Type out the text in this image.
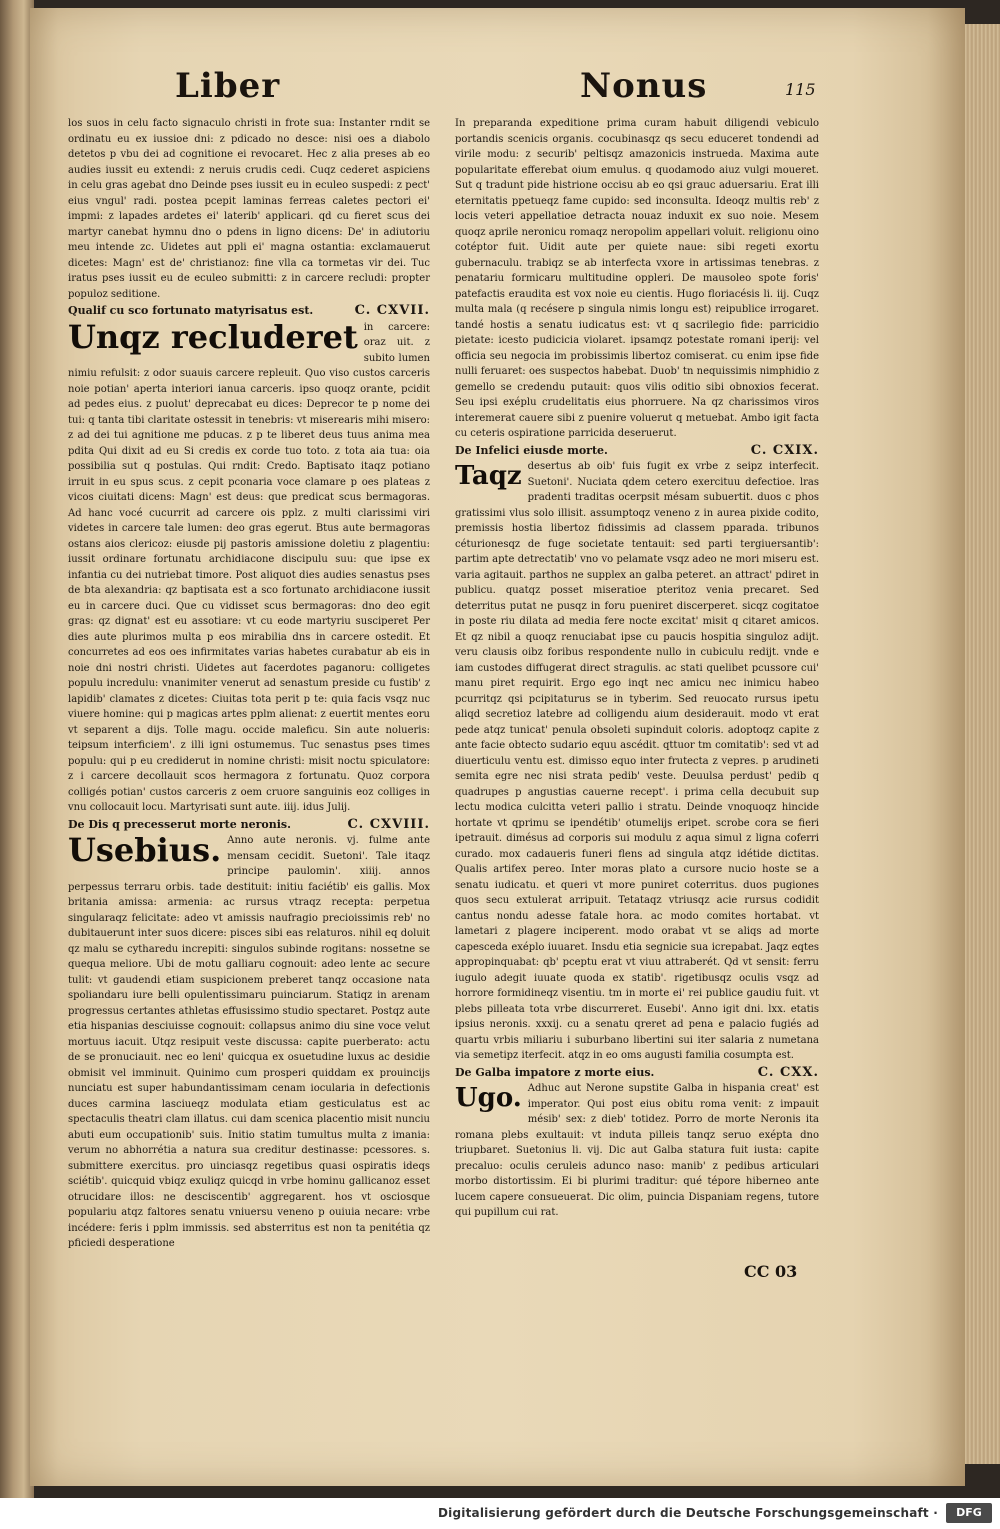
Liber	Nonus	115

los suos in celu facto signaculo christi in frote sua: Instanter rndit se ordinatu eu ex iussioe dni: z pdicado no desce: nisi oes a diabolo detetos p vbu dei ad cognitione ei revocaret. Hec z alia preses ab eo audies iussit eu extendi: z neruis crudis cedi. Cuqz cederet aspiciens in celu gras agebat dno Deinde pses iussit eu in eculeo suspedi: z pect' eius vngul' radi. postea pcepit laminas ferreas caletes pectori ei' impmi: z lapades ardetes ei' laterib' applicari. qd cu fieret scus dei martyr canebat hymnu dno o pdens in ligno dicens: De' in adiutoriu meu intende zc. Uidetes aut ppli ei' magna ostantia: exclamauerut dicetes: Magn' est de' christianoz: fine vlla ca tormetas vir dei. Tuc iratus pses iussit eu de eculeo submitti: z in carcere recludi: propter populoz seditione.

Qualif cu sco fortunato matyrisatus est.	C. CXVII.
Unqz recluderet in carcere: oraz uit. z subito lumen nimiu refulsit: z odor suauis carcere repleuit. Quo viso custos carceris noie potian' aperta interiori ianua carceris. ipso quoqz orante, pcidit ad pedes eius. z puolut' deprecabat eu dices: Deprecor te p nome dei tui: q tanta tibi claritate ostessit in tenebris: vt miserearis mihi misero: z ad dei tui agnitione me pducas. z p te liberet deus tuus anima mea pdita Qui dixit ad eu Si credis ex corde tuo toto. z tota aia tua: oia possibilia sut q postulas. Qui rndit: Credo. Baptisato itaqz potiano irruit in eu spus scus. z cepit pconaria voce clamare p oes plateas z vicos ciuitati dicens: Magn' est deus: que predicat scus bermagoras. Ad hanc vocé cucurrit ad carcere ois pplz. z multi clarissimi viri videtes in carcere tale lumen: deo gras egerut. Btus aute bermagoras ostans aios clericoz: eiusde pij pastoris amissione doletiu z plagentiu: iussit ordinare fortunatu archidiacone discipulu suu: que ipse ex infantia cu dei nutriebat timore. Post aliquot dies audies senastus pses de bta alexandria: qz baptisata est a sco fortunato archidiacone iussit eu in carcere duci. Que cu vidisset scus bermagoras: dno deo egit gras: qz dignat' est eu assotiare: vt cu eode martyriu susciperet Per dies aute plurimos multa p eos mirabilia dns in carcere ostedit. Et concurretes ad eos oes infirmitates varias habetes curabatur ab eis in noie dni nostri christi. Uidetes aut facerdotes paganoru: colligetes populu incredulu: vnanimiter venerut ad senastum preside cu fustib' z lapidib' clamates z dicetes: Ciuitas tota perit p te: quia facis vsqz nuc viuere homine: qui p magicas artes pplm alienat: z euertit mentes eoru vt separent a dijs. Tolle magu. occide maleficu. Sin aute nolueris: teipsum interficiem'. z illi igni ostumemus. Tuc senastus pses times populu: qui p eu crediderut in nomine christi: misit noctu spiculatore: z i carcere decollauit scos hermagora z fortunatu. Quoz corpora colligés potian' custos carceris z oem cruore sanguinis eoz colliges in vnu collocauit locu. Martyrisati sunt aute. iiij. idus Julij.

De Dis q precesserut morte neronis.	C. CXVIII.
Usebius. Anno aute neronis. vj. fulme ante mensam cecidit. Suetoni'. Tale itaqz principe paulomin'. xiiij. annos perpessus terraru orbis. tade destituit: initiu faciétib' eis gallis. Mox britania amissa: armenia: ac rursus vtraqz recepta: perpetua singularaqz felicitate: adeo vt amissis naufragio precioissimis reb' no dubitauerunt inter suos dicere: pisces sibi eas relaturos. nihil eq doluit qz malu se cytharedu increpiti: singulos subinde rogitans: nossetne se quequa meliore. Ubi de motu galliaru cognouit: adeo lente ac secure tulit: vt gaudendi etiam suspicionem preberet tanqz occasione nata spoliandaru iure belli opulentissimaru puinciarum. Statiqz in arenam progressus certantes athletas effusissimo studio spectaret. Postqz aute etia hispanias desciuisse cognouit: collapsus animo diu sine voce velut mortuus iacuit. Utqz resipuit veste discussa: capite puerberato: actu de se pronuciauit. nec eo leni' quicqua ex osuetudine luxus ac desidie obmisit vel imminuit. Quinimo cum prosperi quiddam ex prouincijs nunciatu est super habundantissimam cenam iocularia in defectionis duces carmina lasciueqz modulata etiam gesticulatus est ac spectaculis theatri clam illatus. cui dam scenica placentio misit nunciu abuti eum occupationib' suis. Initio statim tumultus multa z imania: verum no abhorrétia a natura sua creditur destinasse: pcessores. s. submittere exercitus. pro uinciasqz regetibus quasi ospiratis ideqs sciétib'. quicquid vbiqz exuliqz quicqd in vrbe hominu gallicanoz esset otrucidare illos: ne desciscentib' aggregarent. hos vt osciosque populariu atqz faltores senatu vniuersu veneno p ouiuia necare: vrbe incédere: feris i pplm immissis. sed absterritus est non ta penitétia qz pficiedi desperatione

In preparanda expeditione prima curam habuit diligendi vebiculo portandis scenicis organis. cocubinasqz qs secu educeret tondendi ad virile modu: z securib' peltisqz amazonicis instrueda. Maxima aute popularitate efferebat oium emulus. q quodamodo aiuz vulgi moueret. Sut q tradunt pide histrione occisu ab eo qsi grauc aduersariu. Erat illi eternitatis ppetueqz fame cupido: sed inconsulta. Ideoqz multis reb' z locis veteri appellatioe detracta nouaz induxit ex suo noie. Mesem quoqz aprile neronicu romaqz neropolim appellari voluit. religionu oino cotéptor fuit. Uidit aute per quiete naue: sibi regeti exortu gubernaculu. trabiqz se ab interfecta vxore in artissimas tenebras. z penatariu formicaru multitudine oppleri. De mausoleo spote foris' patefactis eraudita est vox noie eu cientis. Hugo floriacésis li. iij. Cuqz multa mala (q recésere p singula nimis longu est) reipublice irrogaret. tandé hostis a senatu iudicatus est: vt q sacrilegio fide: parricidio pietate: icesto pudicicia violaret. ipsamqz potestate romani iperij: vel officia seu negocia im probissimis libertoz comiserat. cu enim ipse fide nulli feruaret: oes suspectos habebat. Duob' tn nequissimis nimphidio z gemello se credendu putauit: quos vilis oditio sibi obnoxios fecerat. Seu ipsi exéplu crudelitatis eius phorruere. Na qz charissimos viros interemerat cauere sibi z puenire voluerut q metuebat. Ambo igit facta cu ceteris ospiratione parricida deseruerut.

De Infelici eiusde morte.	C. CXIX.
Taqz desertus ab oib' fuis fugit ex vrbe z seipz interfecit. Suetoni'. Nuciata qdem cetero exercituu defectioe. lras pradenti traditas ocerpsit mésam subuertit. duos c phos gratissimi vlus solo illisit. assumptoqz veneno z in aurea pixide codito, premissis hostia libertoz fidissimis ad classem pparada. tribunos céturionesqz de fuge societate tentauit: sed parti tergiuersantib': partim apte detrectatib' vno vo pelamate vsqz adeo ne mori miseru est. varia agitauit. parthos ne supplex an galba peteret. an attract' pdiret in publicu. quatqz posset miseratioe pteritoz venia precaret. Sed deterritus putat ne pusqz in foru pueniret discerperet. sicqz cogitatoe in poste riu dilata ad media fere nocte excitat' misit q citaret amicos. Et qz nibil a quoqz renuciabat ipse cu paucis hospitia singuloz adijt. veru clausis oibz foribus respondente nullo in cubiculu redijt. vnde e iam custodes diffugerat direct stragulis. ac stati quelibet pcussore cui' manu piret requirit. Ergo ego inqt nec amicu nec inimicu habeo pcurritqz qsi pcipitaturus se in tyberim. Sed reuocato rursus ipetu aliqd secretioz latebre ad colligendu aium desiderauit. modo vt erat pede atqz tunicat' penula obsoleti supinduit coloris. adoptoqz capite z ante facie obtecto sudario equu ascédit. qttuor tm comitatib': sed vt ad diuerticulu ventu est. dimisso equo inter frutecta z vepres. p arudineti semita egre nec nisi strata pedib' veste. Deuulsa perdust' pedib q quadrupes p angustias cauerne recept'. i prima cella decubuit sup lectu modica culcitta veteri pallio i stratu. Deinde vnoquoqz hincide hortate vt qprimu se ipendétib' otumelijs eripet. scrobe cora se fieri ipetrauit. dimésus ad corporis sui modulu z aqua simul z ligna coferri curado. mox cadaueris funeri flens ad singula atqz idétide dictitas. Qualis artifex pereo. Inter moras plato a cursore nucio hoste se a senatu iudicatu. et queri vt more puniret coterritus. duos pugiones quos secu extulerat arripuit. Tetataqz vtriusqz acie rursus codidit cantus nondu adesse fatale hora. ac modo comites hortabat. vt lametari z plagere inciperent. modo orabat vt se aliqs ad morte capesceda exéplo iuuaret. Insdu etia segnicie sua icrepabat. Jaqz eqtes appropinquabat: qb' pceptu erat vt viuu attraberét. Qd vt sensit: ferru iugulo adegit iuuate quoda ex statib'. rigetibusqz oculis vsqz ad horrore formidineqz visentiu. tm in morte ei' rei publice gaudiu fuit. vt plebs pilleata tota vrbe discurreret. Eusebi'. Anno igit dni. lxx. etatis ipsius neronis. xxxij. cu a senatu qreret ad pena e palacio fugiés ad quartu vrbis miliariu i suburbano libertini sui iter salaria z numetana via semetipz iterfecit. atqz in eo oms augusti familia cosumpta est.

De Galba impatore z morte eius.	C. CXX.
Ugo. Adhuc aut Nerone supstite Galba in hispania creat' est imperator. Qui post eius obitu roma venit: z impauit mésib' sex: z dieb' totidez. Porro de morte Neronis ita romana plebs exultauit: vt induta pilleis tanqz seruo exépta dno triupbaret. Suetonius li. vij. Dic aut Galba statura fuit iusta: capite precaluo: oculis ceruleis adunco naso: manib' z pedibus articulari morbo distortissim. Ei bi plurimi traditur: qué tépore hiberneo ante lucem capere consueuerat. Dic olim, puincia Dispaniam regens, tutore qui pupillum cui rat.

CC 03
Digitalisierung gefördert durch die Deutsche Forschungsgemeinschaft ·	DFG
